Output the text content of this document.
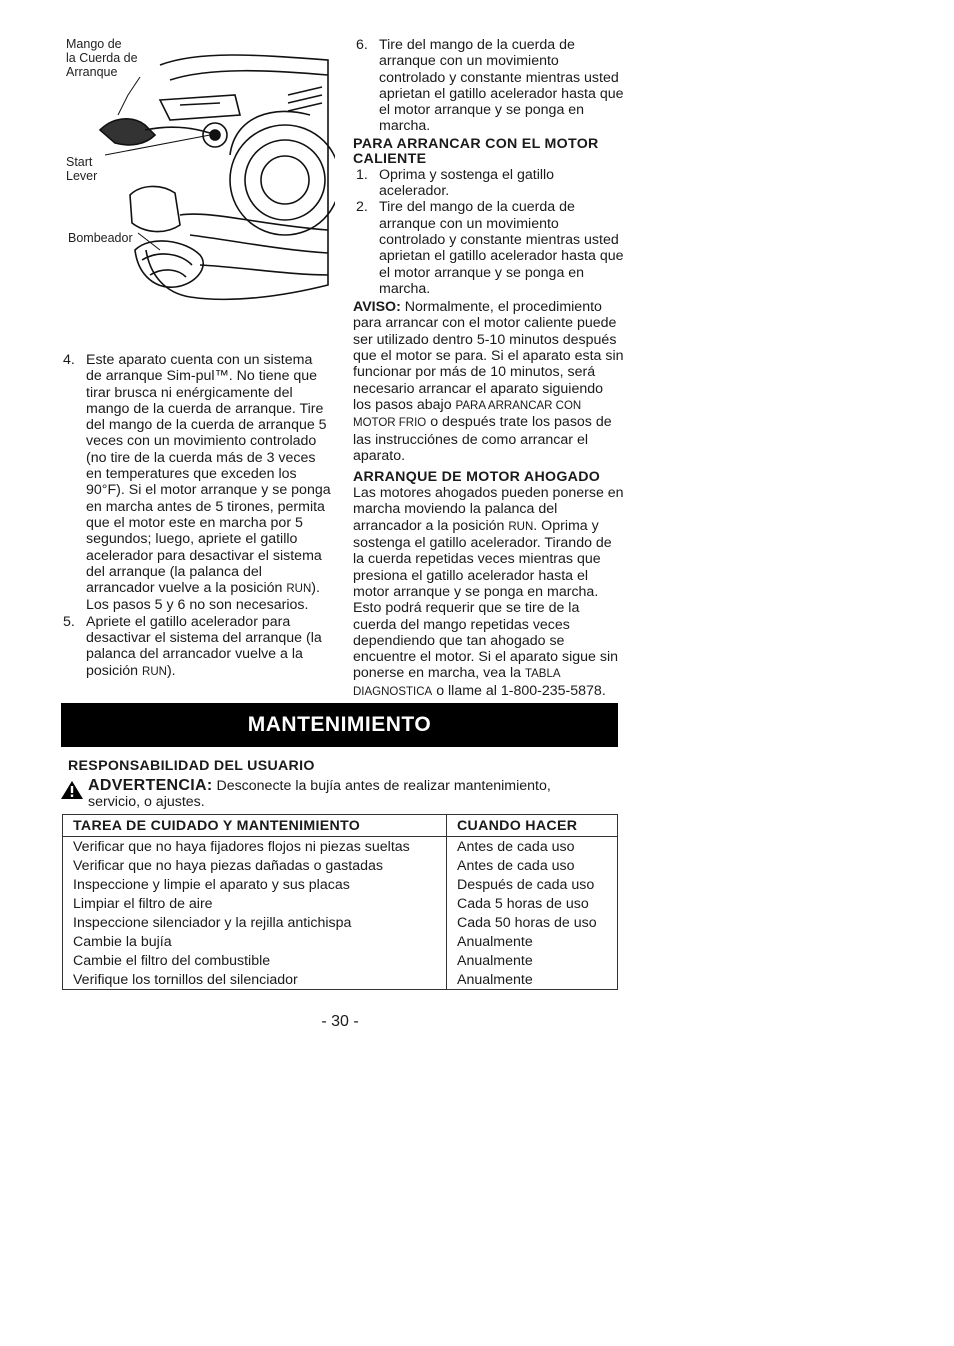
Mango de
la Cuerda de
Arranque
Start
Lever
Bombeador
4. Este aparato cuenta con un sistema de arranque Sim-pul™. No tiene que tirar brusca ni enérgicamente del mango de la cuerda de arranque. Tire del mango de la cuerda de arranque 5 veces con un movimiento controlado (no tire de la cuerda más de 3 veces en temperatures que exceden los 90°F). Si el motor arranque y se ponga en marcha antes de 5 tirones, permita que el motor este en marcha por 5 segundos; luego, apriete el gatillo acelerador para desactivar el sistema del arranque (la palanca del arrancador vuelve a la posición RUN). Los pasos 5 y 6 no son necesarios.
5. Apriete el gatillo acelerador para desactivar el sistema del arranque (la palanca del arrancador vuelve a la posición RUN).
6. Tire del mango de la cuerda de arranque con un movimiento controlado y constante mientras usted aprietan el gatillo acelerador hasta que el motor arranque y se ponga en marcha.
PARA ARRANCAR CON EL MOTOR CALIENTE
1. Oprima y sostenga el gatillo acelerador.
2. Tire del mango de la cuerda de arranque con un movimiento controlado y constante mientras usted aprietan el gatillo acelerador hasta que el motor arranque y se ponga en marcha.

AVISO: Normalmente, el procedimiento para arrancar con el motor caliente puede ser utilizado dentro 5-10 minutos después que el motor se para. Si el aparato esta sin funcionar por más de 10 minutos, será necesario arrancar el aparato siguiendo los pasos abajo PARA ARRANCAR CON MOTOR FRIO o después trate los pasos de las instrucciónes de como arrancar el aparato.

ARRANQUE DE MOTOR AHOGADO

Las motores ahogados pueden ponerse en marcha moviendo la palanca del arrancador a la posición RUN. Oprima y sostenga el gatillo acelerador. Tirando de la cuerda repetidas veces mientras que presiona el gatillo acelerador hasta el motor arranque y se ponga en marcha. Esto podrá requerir que se tire de la cuerda del mango repetidas veces dependiendo que tan ahogado se encuentre el motor. Si el aparato sigue sin ponerse en marcha, vea la TABLA DIAGNOSTICA o llame al 1-800-235-5878.

MANTENIMIENTO
RESPONSABILIDAD DEL USUARIO
ADVERTENCIA: Desconecte la bujía antes de realizar mantenimiento,
servicio, o ajustes.
TAREA DE CUIDADO Y MANTENIMIENTO	CUANDO HACER
Verificar que no haya fijadores flojos ni piezas sueltas	Antes de cada uso
Verificar que no haya piezas dañadas o gastadas	Antes de cada uso
Inspeccione y limpie el aparato y sus placas	Después de cada uso
Limpiar el filtro de aire	Cada 5 horas de uso
Inspeccione silenciador y la rejilla antichispa	Cada 50 horas de uso
Cambie la bujía	Anualmente
Cambie el filtro del combustible	Anualmente
Verifique los tornillos del silenciador	Anualmente
- 30 -
